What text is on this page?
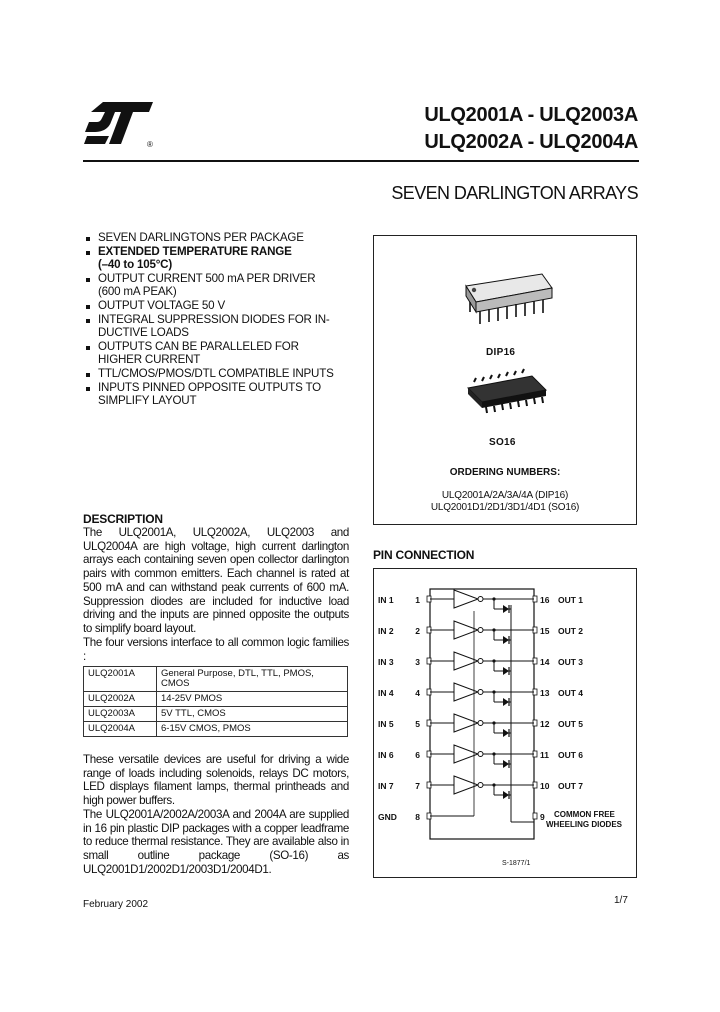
®
ULQ2001A - ULQ2003A
ULQ2002A - ULQ2004A
SEVEN DARLINGTON ARRAYS
SEVEN DARLINGTONS PER PACKAGE
EXTENDED TEMPERATURE RANGE
(–40 to 105°C)
OUTPUT CURRENT 500 mA PER DRIVER
(600 mA PEAK)
OUTPUT VOLTAGE 50 V
INTEGRAL SUPPRESSION DIODES FOR IN-
DUCTIVE LOADS
OUTPUTS CAN BE PARALLELED FOR
HIGHER CURRENT
TTL/CMOS/PMOS/DTL COMPATIBLE INPUTS
INPUTS PINNED OPPOSITE OUTPUTS TO
SIMPLIFY LAYOUT
DIP16
SO16
ORDERING NUMBERS:
ULQ2001A/2A/3A/4A (DIP16)
ULQ2001D1/2D1/3D1/4D1 (SO16)
DESCRIPTION

The ULQ2001A, ULQ2002A, ULQ2003 and ULQ2004A are high voltage, high current darlington arrays each containing seven open collector darlington pairs with common emitters. Each channel is rated at 500 mA and can withstand peak currents of 600 mA. Suppression diodes are included for inductive load driving and the inputs are pinned opposite the outputs to simplify board layout.

The four versions interface to all common logic families :

ULQ2001A	General Purpose, DTL, TTL, PMOS, CMOS
ULQ2002A	14-25V PMOS
ULQ2003A	5V TTL, CMOS
ULQ2004A	6-15V CMOS, PMOS

These versatile devices are useful for driving a wide range of loads including solenoids, relays DC motors, LED displays filament lamps, thermal printheads and high power buffers.

The ULQ2001A/2002A/2003A and 2004A are supplied in 16 pin plastic DIP packages with a copper leadframe to reduce thermal resistance. They are available also in small outline package (SO-16) as ULQ2001D1/2002D1/2003D1/2004D1.

PIN CONNECTION
IN 1	1	16 OUT 1
IN 2	2	15 OUT 2
IN 3	3	14 OUT 3
IN 4	4	13 OUT 4
IN 5	5	12 OUT 5
IN 6	6	11 OUT 6
IN 7	7	10 OUT 7
GND 8	9 COMMON FREE
WHEELING DIODES
S-1877/1
February 2002	1/7
